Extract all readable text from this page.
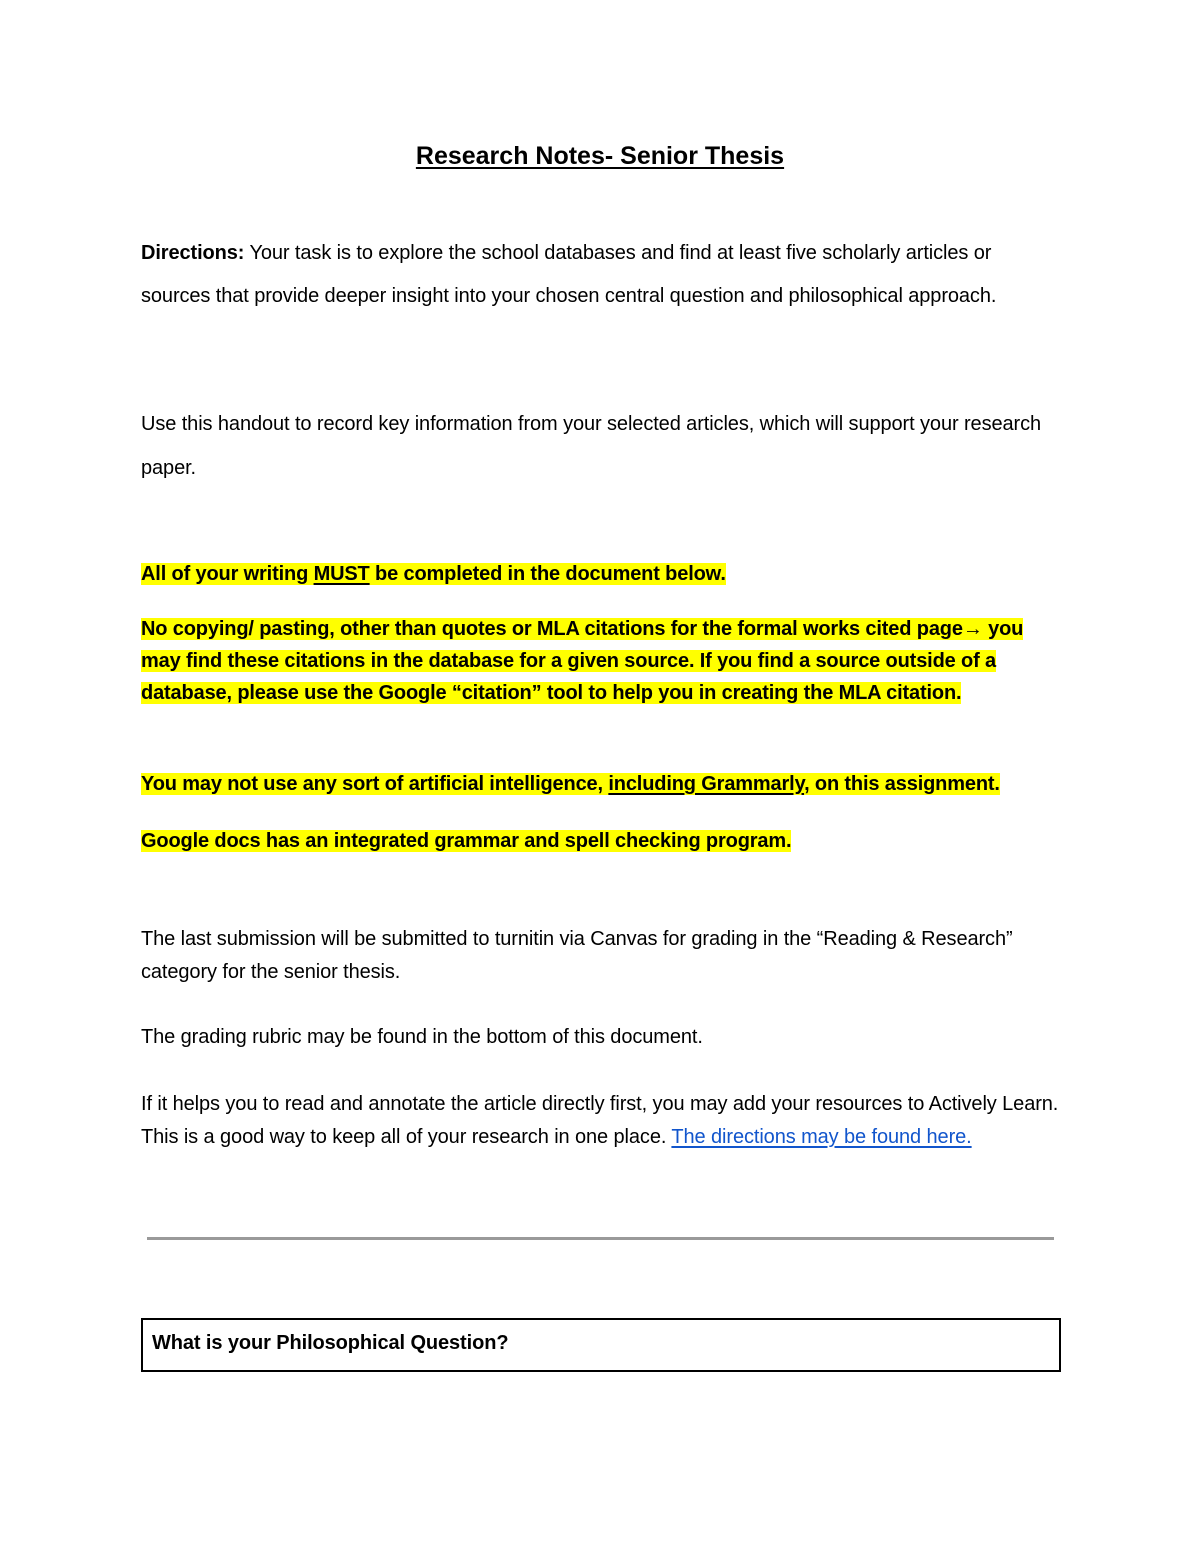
Research Notes- Senior Thesis
Directions: Your task is to explore the school databases and find at least five scholarly articles or sources that provide deeper insight into your chosen central question and philosophical approach.
Use this handout to record key information from your selected articles, which will support your research paper.
All of your writing MUST be completed in the document below.
No copying/ pasting, other than quotes or MLA citations for the formal works cited page→ you may find these citations in the database for a given source. If you find a source outside of a database, please use the Google “citation” tool to help you in creating the MLA citation.
You may not use any sort of artificial intelligence, including Grammarly, on this assignment.
Google docs has an integrated grammar and spell checking program.
The last submission will be submitted to turnitin via Canvas for grading in the “Reading & Research” category for the senior thesis.
The grading rubric may be found in the bottom of this document.
If it helps you to read and annotate the article directly first, you may add your resources to Actively Learn. This is a good way to keep all of your research in one place. The directions may be found here.
What is your Philosophical Question?
